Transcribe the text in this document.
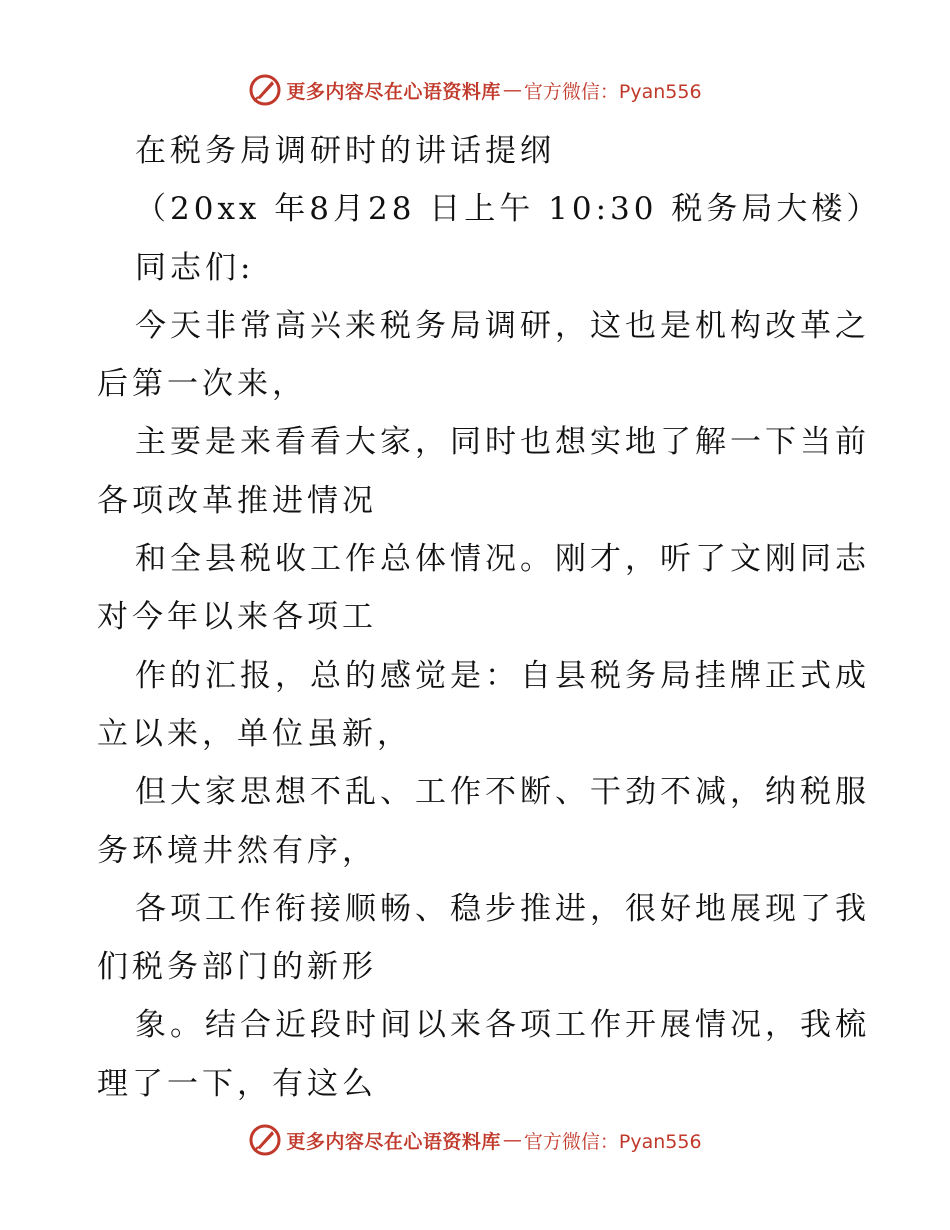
更多内容尽在心语资料库 — 官方微信：Pyan556

在税务局调研时的讲话提纲

（20xx 年8月28 日上午 10:30 税务局大楼）

同志们:

今天非常高兴来税务局调研，这也是机构改革之

后第一次来，

主要是来看看大家，同时也想实地了解一下当前

各项改革推进情况

和全县税收工作总体情况。刚才，听了文刚同志

对今年以来各项工

作的汇报，总的感觉是：自县税务局挂牌正式成

立以来，单位虽新，

但大家思想不乱、工作不断、干劲不减，纳税服

务环境井然有序，

各项工作衔接顺畅、稳步推进，很好地展现了我

们税务部门的新形

象。结合近段时间以来各项工作开展情况，我梳

理了一下，有这么

更多内容尽在心语资料库 — 官方微信：Pyan556
